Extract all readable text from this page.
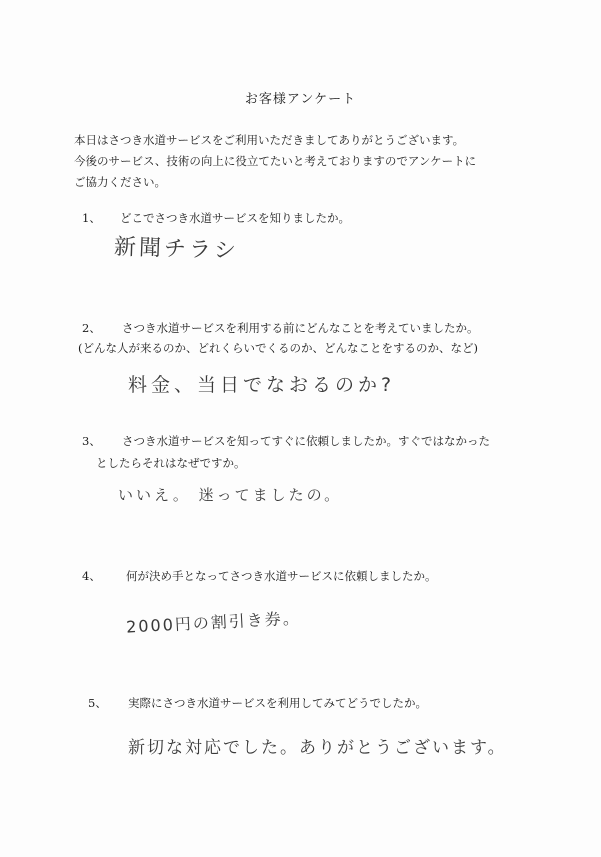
お客様アンケート
本日はさつき水道サービスをご利用いただきましてありがとうございます。
今後のサービス、技術の向上に役立てたいと考えておりますのでアンケートに
ご協力ください。
1、 どこでさつき水道サービスを知りましたか。
新聞チラシ
2、 さつき水道サービスを利用する前にどんなことを考えていましたか。
(どんな人が来るのか、どれくらいでくるのか、どんなことをするのか、など)
料金、当日でなおるのか?
3、 さつき水道サービスを知ってすぐに依頼しましたか。すぐではなかった
としたらそれはなぜですか。
いいえ。 迷ってましたの。
4、 何が決め手となってさつき水道サービスに依頼しましたか。
2000円の割引き券。
5、 実際にさつき水道サービスを利用してみてどうでしたか。
新切な対応でした。ありがとうございます。
